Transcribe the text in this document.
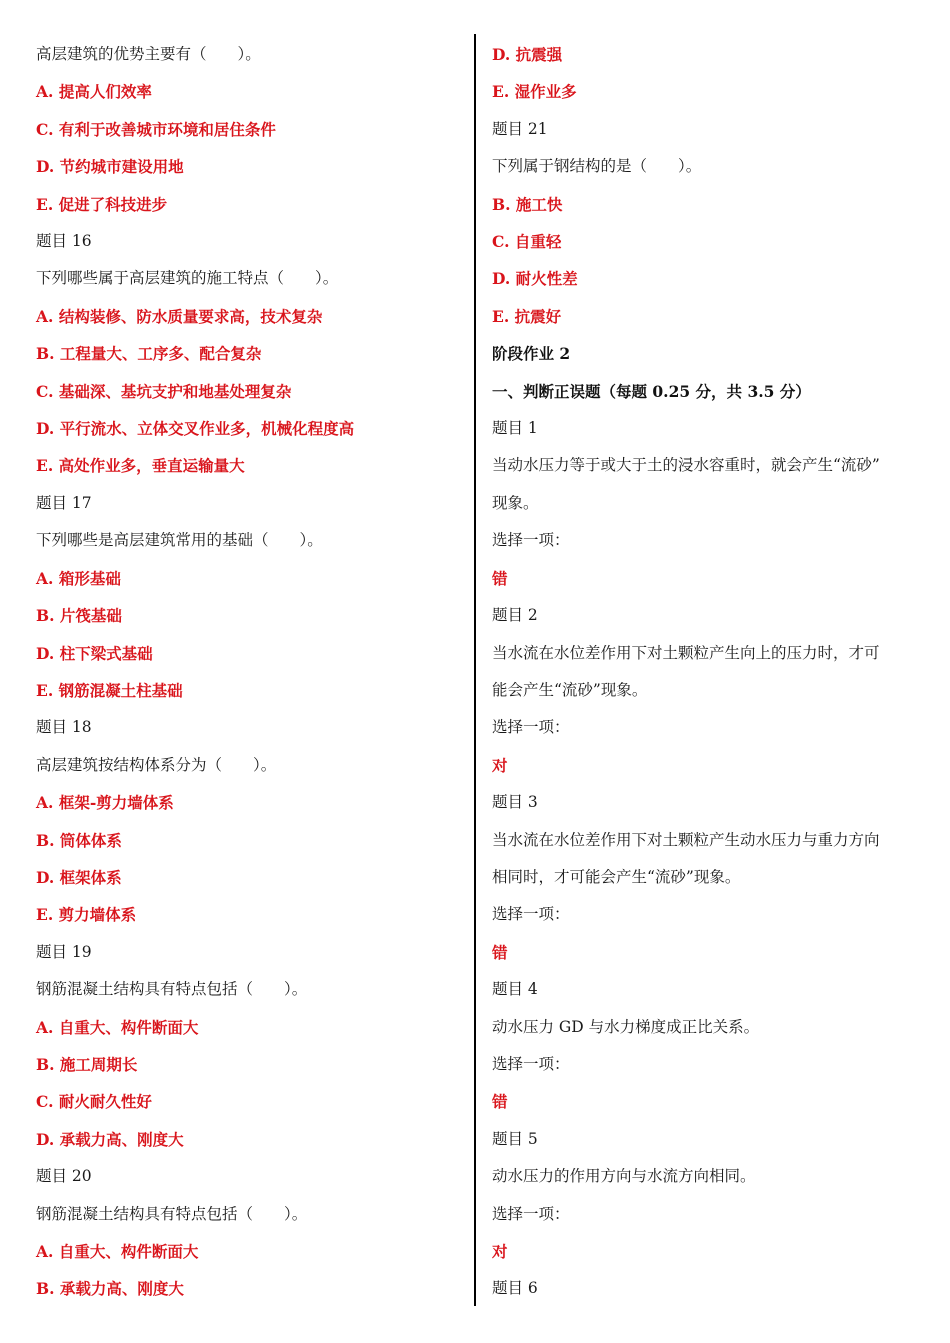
高层建筑的优势主要有（　　）。
A. 提高人们效率
C. 有利于改善城市环境和居住条件
D. 节约城市建设用地
E. 促进了科技进步
题目 16
下列哪些属于高层建筑的施工特点（　　）。
A. 结构装修、防水质量要求高，技术复杂
B. 工程量大、工序多、配合复杂
C. 基础深、基坑支护和地基处理复杂
D. 平行流水、立体交叉作业多，机械化程度高
E. 高处作业多，垂直运输量大
题目 17
下列哪些是高层建筑常用的基础（　　）。
A. 箱形基础
B. 片筏基础
D. 柱下梁式基础
E. 钢筋混凝土柱基础
题目 18
高层建筑按结构体系分为（　　）。
A. 框架-剪力墙体系
B. 筒体体系
D. 框架体系
E. 剪力墙体系
题目 19
钢筋混凝土结构具有特点包括（　　）。
A. 自重大、构件断面大
B. 施工周期长
C. 耐火耐久性好
D. 承载力高、刚度大
题目 20
钢筋混凝土结构具有特点包括（　　）。
A. 自重大、构件断面大
B. 承载力高、刚度大
D. 抗震强
E. 湿作业多
题目 21
下列属于钢结构的是（　　）。
B. 施工快
C. 自重轻
D. 耐火性差
E. 抗震好
阶段作业 2
一、判断正误题（每题 0.25 分，共 3.5 分）
题目 1
当动水压力等于或大于土的浸水容重时，就会产生“流砂”
现象。
选择一项：
错
题目 2
当水流在水位差作用下对土颗粒产生向上的压力时，才可
能会产生“流砂”现象。
选择一项：
对
题目 3
当水流在水位差作用下对土颗粒产生动水压力与重力方向
相同时，才可能会产生“流砂”现象。
选择一项：
错
题目 4
动水压力 GD 与水力梯度成正比关系。
选择一项：
错
题目 5
动水压力的作用方向与水流方向相同。
选择一项：
对
题目 6
